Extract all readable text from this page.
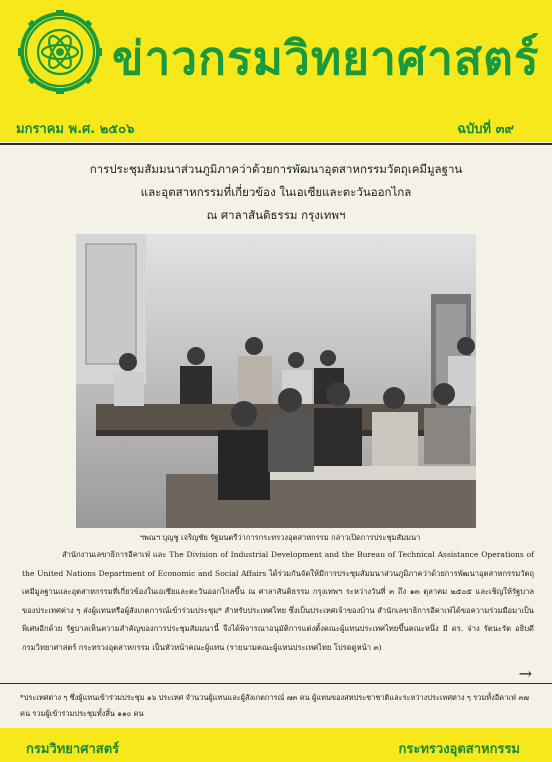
ข่าวกรมวิทยาศาสตร์
มกราคม พ.ศ. ๒๕๐๖	ฉบับที่ ๓๙
การประชุมสัมมนาส่วนภูมิภาคว่าด้วยการพัฒนาอุตสาหกรรมวัตถุเคมีมูลฐาน
และอุตสาหกรรมที่เกี่ยวข้อง ในเอเซียและตะวันออกไกล
ณ ศาลาสันติธรรม กรุงเทพฯ
ฯพณฯ บุญชู เจริญชัย รัฐมนตรีว่าการกระทรวงอุตสาหกรรม กล่าวเปิดการประชุมสัมมนา

สำนักงานเลขาธิการอีคาเฟ่ และ The Division of Industrial Development and the Bureau of Technical Assistance Operations of the United Nations Department of Economic and Social Affairs ได้ร่วมกันจัดให้มีการประชุมสัมมนาส่วนภูมิภาคว่าด้วยการพัฒนาอุตสาหกรรมวัตถุเคมีมูลฐานและอุตสาหกรรมที่เกี่ยวข้องในเอเซียและตะวันออกไกลขึ้น ณ ศาลาสันติธรรม กรุงเทพฯ ระหว่างวันที่ ๓ ถึง ๑๓ ตุลาคม ๒๕๐๕ และเชิญให้รัฐบาลของประเทศต่าง ๆ ส่งผู้แทนหรือผู้สังเกตการณ์เข้าร่วมประชุม* สำหรับประเทศไทย ซึ่งเป็นประเทศเจ้าของบ้าน สำนักเลขาธิการอีคาเฟ่ได้ขอความร่วมมือมาเป็นพิเศษอีกด้วย รัฐบาลเห็นความสำคัญของการประชุมสัมมนานี้ จึงได้พิจารณาอนุมัติการแต่งตั้งคณะผู้แทนประเทศไทยขึ้นคณะหนึ่ง มี ดร. จ่าง รัตนะรัต อธิบดีกรมวิทยาศาสตร์ กระทรวงอุตสาหกรรม เป็นหัวหน้าคณะผู้แทน (รายนามคณะผู้แทนประเทศไทย โปรดดูหน้า ๓)

→
*ประเทศต่าง ๆ ซึ่งผู้แทนเข้าร่วมประชุม ๑๖ ประเทศ จำนวนผู้แทนและผู้สังเกตการณ์ ๗๓ คน ผู้แทนของสหประชาชาติและระหว่างประเทศต่าง ๆ รวมทั้งอีคาเฟ่ ๓๗ คน รวมผู้เข้าร่วมประชุมทั้งสิ้น ๑๑๐ คน
กรมวิทยาศาสตร์	กระทรวงอุตสาหกรรม
